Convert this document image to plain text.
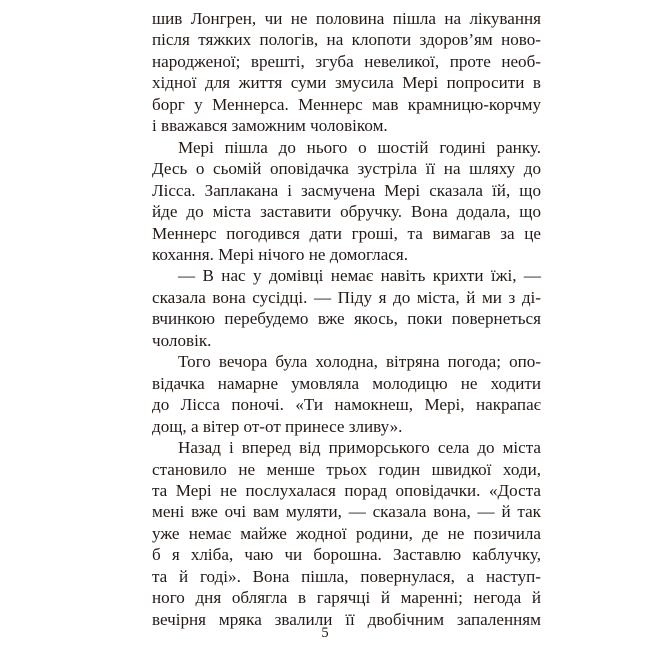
шив Лонгрен, чи не половина пішла на лікування
після тяжких пологів, на клопоти здоров’ям ново-
народженої; врешті, згуба невеликої, проте необ-
хідної для життя суми змусила Мері попросити в
борг у Меннерса. Меннерс мав крамницю-корчму
і вважався заможним чоловіком.

Мері пішла до нього о шостій годині ранку.
Десь о сьомій оповідачка зустріла її на шляху до
Лісса. Заплакана і засмучена Мері сказала їй, що
йде до міста заставити обручку. Вона додала, що
Меннерс погодився дати гроші, та вимагав за це
кохання. Мері нічого не домоглася.

— В нас у домівці немає навіть крихти їжі, —
сказала вона сусідці. — Піду я до міста, й ми з ді-
вчинкою перебудемо вже якось, поки повернеться
чоловік.

Того вечора була холодна, вітряна погода; опо-
відачка намарне умовляла молодицю не ходити
до Лісса поночі. «Ти намокнеш, Мері, накрапає
дощ, а вітер от-от принесе зливу».

Назад і вперед від приморського села до міста
становило не менше трьох годин швидкої ходи,
та Мері не послухалася порад оповідачки. «Доста
мені вже очі вам муляти, — сказала вона, — й так
уже немає майже жодної родини, де не позичила
б я хліба, чаю чи борошна. Заставлю каблучку,
та й годі». Вона пішла, повернулася, а наступ-
ного дня облягла в гарячці й маренні; негода й
вечірня мряка звалили її двобічним запаленням

5
